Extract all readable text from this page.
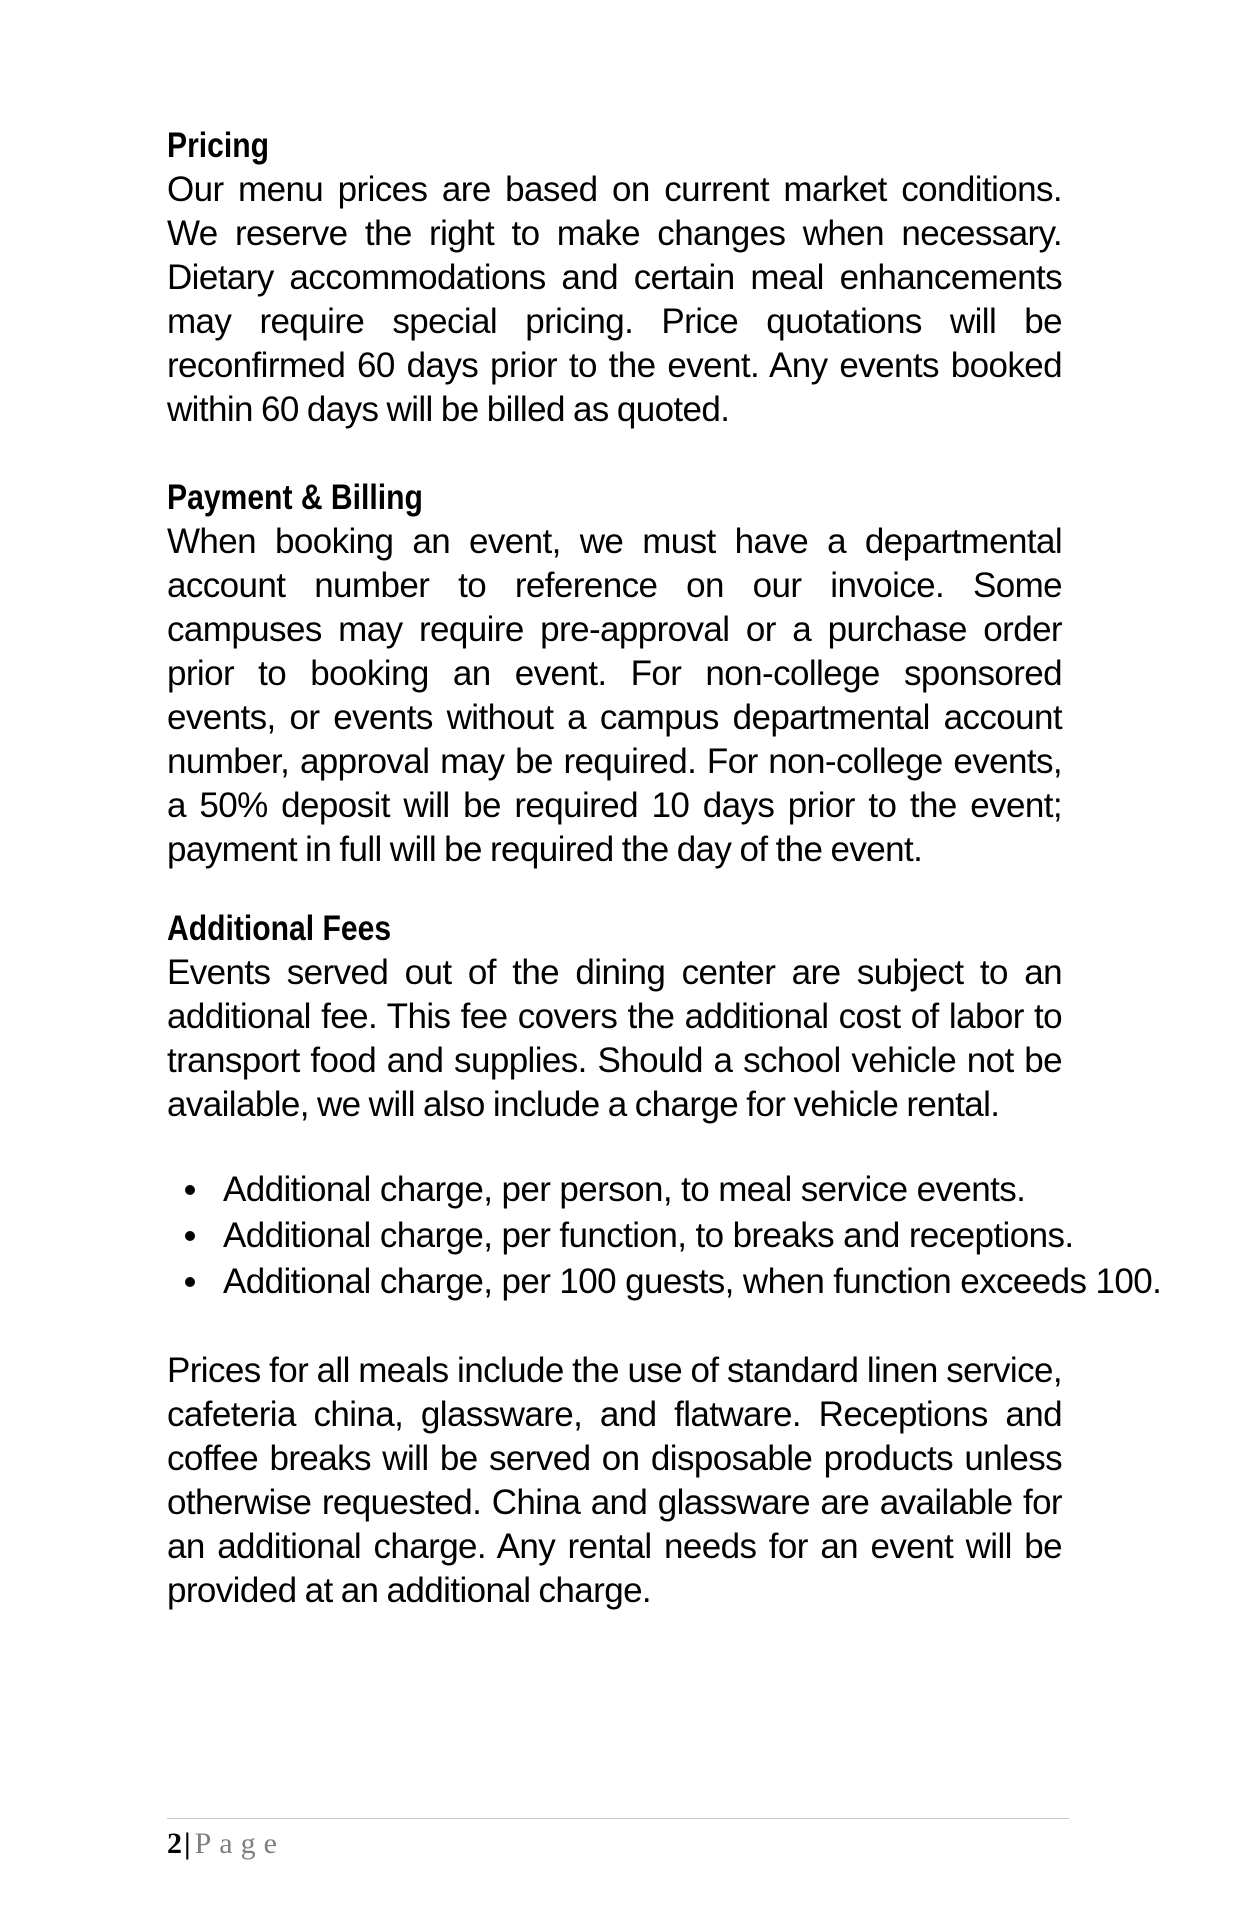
Pricing

Our menu prices are based on current market conditions. We reserve the right to make changes when necessary. Dietary accommodations and certain meal enhancements may require special pricing. Price quotations will be reconfirmed 60 days prior to the event. Any events booked within 60 days will be billed as quoted.

Payment & Billing

When booking an event, we must have a departmental account number to reference on our invoice. Some campuses may require pre-approval or a purchase order prior to booking an event. For non-college sponsored events, or events without a campus departmental account number, approval may be required. For non-college events, a 50% deposit will be required 10 days prior to the event; payment in full will be required the day of the event.

Additional Fees

Events served out of the dining center are subject to an additional fee. This fee covers the additional cost of labor to transport food and supplies. Should a school vehicle not be available, we will also include a charge for vehicle rental.

Additional charge, per person, to meal service events.
Additional charge, per function, to breaks and receptions.
Additional charge, per 100 guests, when function exceeds 100.

Prices for all meals include the use of standard linen service, cafeteria china, glassware, and flatware. Receptions and coffee breaks will be served on disposable products unless otherwise requested. China and glassware are available for an additional charge. Any rental needs for an event will be provided at an additional charge.

2| Page
